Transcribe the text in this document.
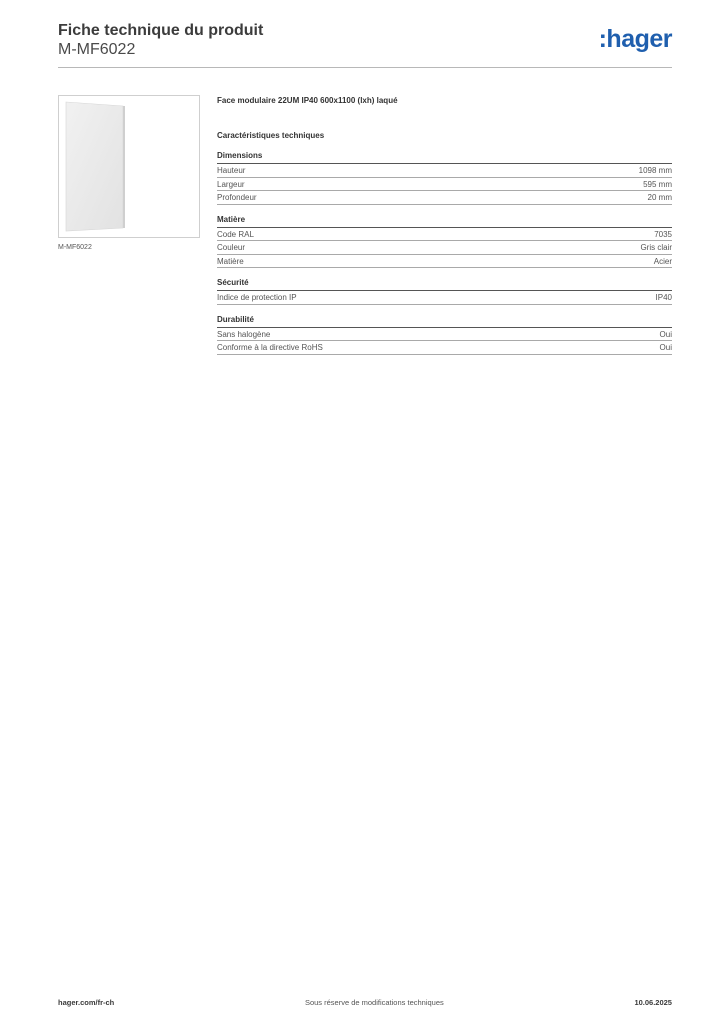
Fiche technique du produit
M-MF6022	:hager
M-MF6022
Face modulaire 22UM IP40 600x1100 (lxh) laqué
Caractéristiques techniques
Dimensions
Hauteur	1098 mm
Largeur	595 mm
Profondeur	20 mm
Matière
Code RAL	7035
Couleur	Gris clair
Matière	Acier
Sécurité
Indice de protection IP	IP40
Durabilité
Sans halogène	Oui
Conforme à la directive RoHS	Oui
hager.com/fr-ch	Sous réserve de modifications techniques	10.06.2025
